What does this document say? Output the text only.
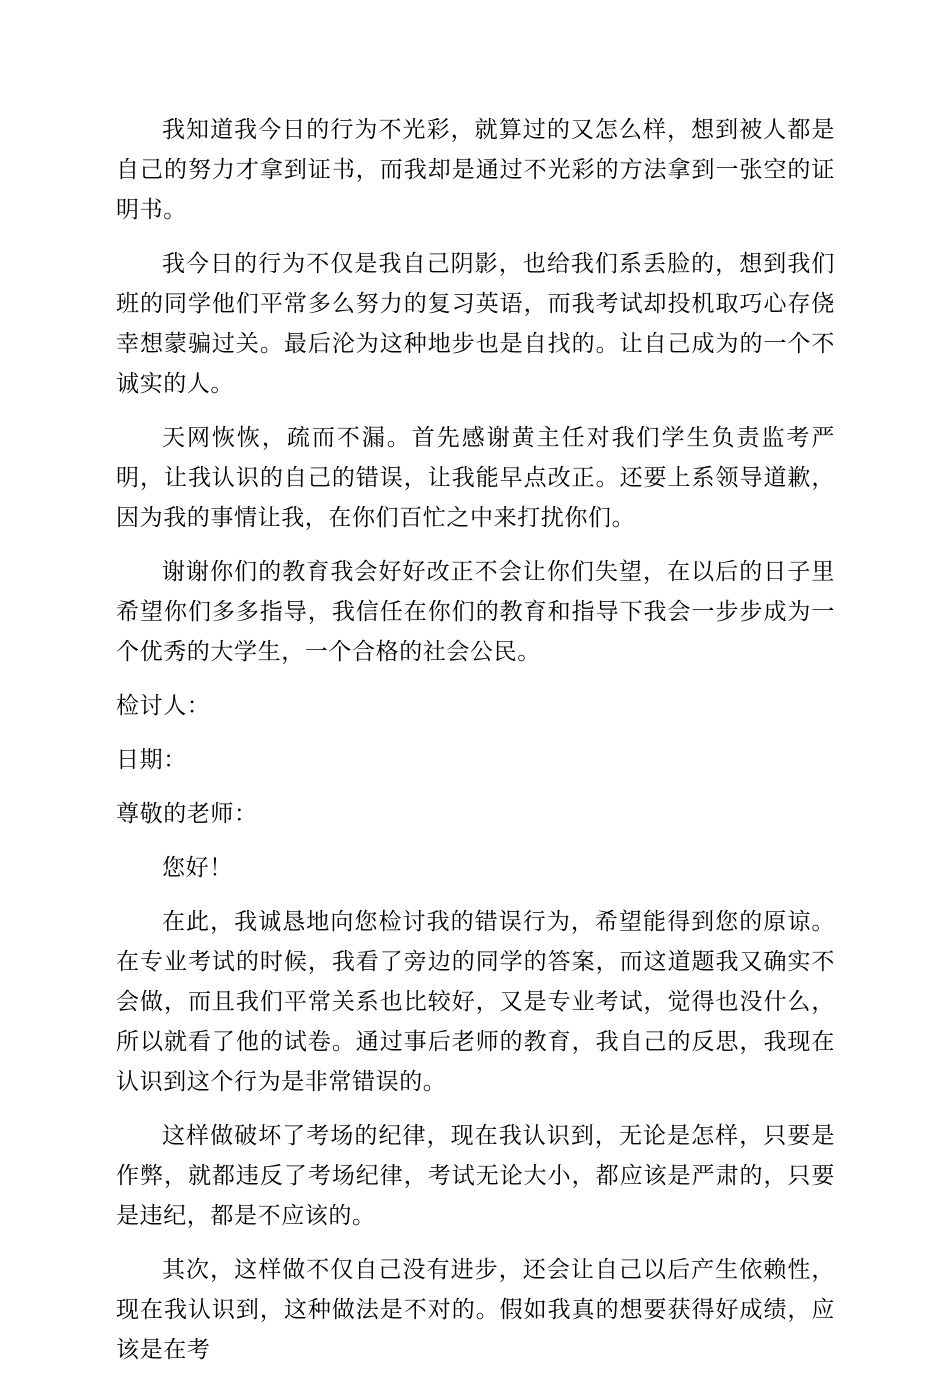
我知道我今日的行为不光彩，就算过的又怎么样，想到被人都是自己的努力才拿到证书，而我却是通过不光彩的方法拿到一张空的证明书。

我今日的行为不仅是我自己阴影，也给我们系丢脸的，想到我们班的同学他们平常多么努力的复习英语，而我考试却投机取巧心存侥幸想蒙骗过关。最后沦为这种地步也是自找的。让自己成为的一个不诚实的人。

天网恢恢，疏而不漏。首先感谢黄主任对我们学生负责监考严明，让我认识的自己的错误，让我能早点改正。还要上系领导道歉，因为我的事情让我，在你们百忙之中来打扰你们。

谢谢你们的教育我会好好改正不会让你们失望，在以后的日子里希望你们多多指导，我信任在你们的教育和指导下我会一步步成为一个优秀的大学生，一个合格的社会公民。

检讨人：

日期：

尊敬的老师：

您好！

在此，我诚恳地向您检讨我的错误行为，希望能得到您的原谅。在专业考试的时候，我看了旁边的同学的答案，而这道题我又确实不会做，而且我们平常关系也比较好，又是专业考试，觉得也没什么，所以就看了他的试卷。通过事后老师的教育，我自己的反思，我现在认识到这个行为是非常错误的。

这样做破坏了考场的纪律，现在我认识到，无论是怎样，只要是作弊，就都违反了考场纪律，考试无论大小，都应该是严肃的，只要是违纪，都是不应该的。

其次，这样做不仅自己没有进步，还会让自己以后产生依赖性，现在我认识到，这种做法是不对的。假如我真的想要获得好成绩，应该是在考
